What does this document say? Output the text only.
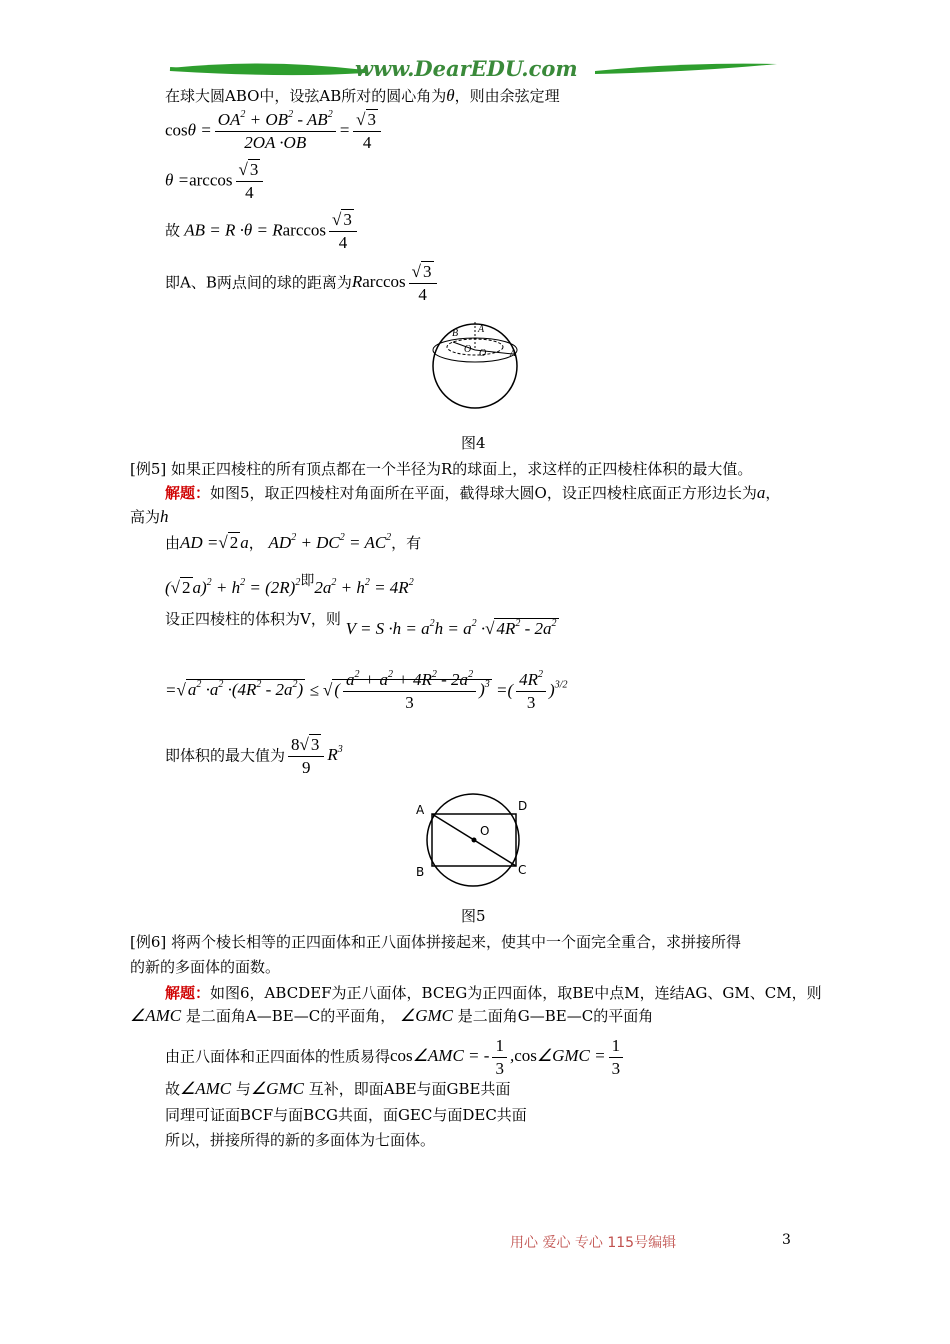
www.DearEDU.com
在球大圆ABO中，设弦AB所对的圆心角为θ，则由余弦定理
$\cos\theta = \frac{OA^2 + OB^2 - AB^2}{2OA \cdot OB} = \frac{√ 3}{4}$
$\theta =\arccos \frac{√ 3}{4}$
故 AB = R ·θ = Rarccos $\frac{√ 3}{4}$
即A、B两点间的球的距离为Rarccos $\frac{√ 3}{4}$
B A
O O	A
图4
[例5] 如果正四棱柱的所有顶点都在一个半径为R的球面上，求这样的正四棱柱体积的最大值。
解题：如图5，取正四棱柱对角面所在平面，截得球大圆O，设正四棱柱底面正方形边长为a，
高为h
由AD =√ 2 a， $AD^2 + DC^2 = AC^2$，有
(√ 2 $a)^2 + h^2 = (2R)^{2即}2a^2 + h^2 = 4R^2$
设正四棱柱的体积为V，则 $V = S \cdot h = a^2h = a^2$ ·√ $4R^2 - 2a^2$
=√ $a^2 \cdot a^2 \cdot(4R^2 - 2a^2)$ ≤ √ ( $\frac{a^2 + a^2 + 4R^2 - 2a^2}{3} )^3$ =( $\frac{4R^2}{3} )^{3/2}$
即体积的最大值为 $\frac{8√ 3}{9} R^3$
A	D
O
B	C
图5
[例6] 将两个棱长相等的正四面体和正八面体拼接起来，使其中一个面完全重合，求拼接所得
的新的多面体的面数。
解题：如图6，ABCDEF为正八面体，BCEG为正四面体，取BE中点M，连结AG、GM、CM，则
∠AMC 是二面角A—BE—C的平面角， ∠GMC 是二面角G—BE—C的平面角
由正八面体和正四面体的性质易得cos∠AMC = - $\frac{1}{3}$ ,cos∠GMC = $\frac{1}{3}$
故∠AMC 与∠GMC 互补，即面ABE与面GBE共面
同理可证面BCF与面BCG共面，面GEC与面DEC共面
所以，拼接所得的新的多面体为七面体。
用心 爱心 专心 115号编辑	3
